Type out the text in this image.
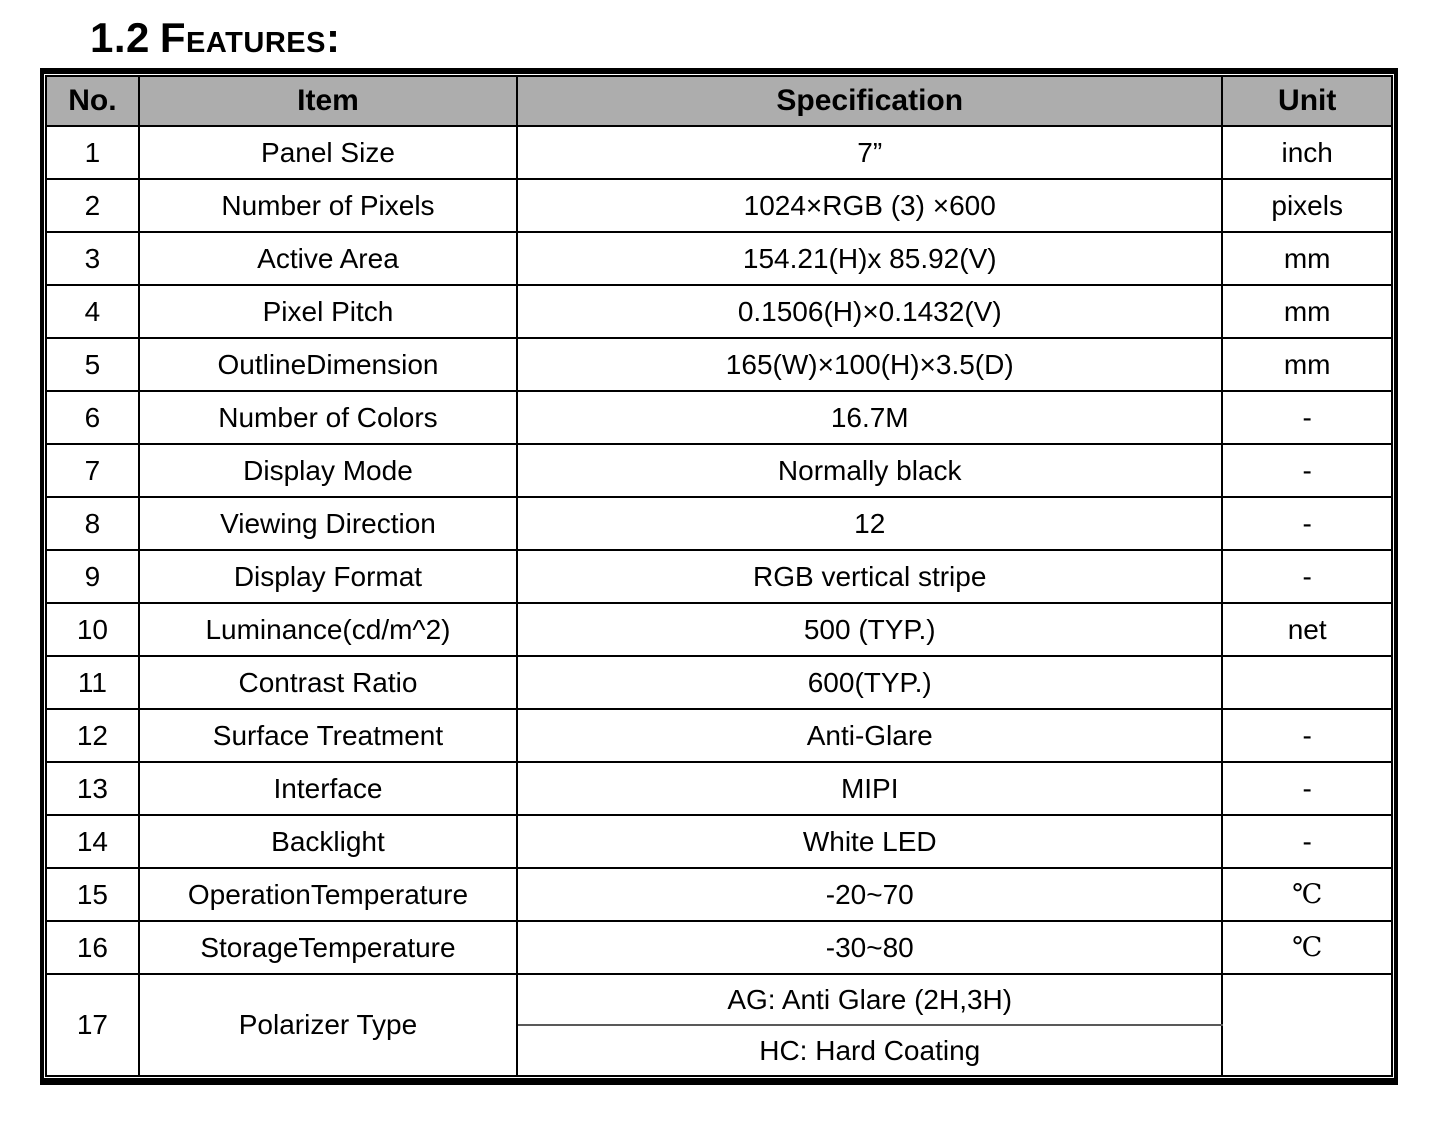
1.2 Features:
No.	Item	Specification	Unit
1	Panel Size	7”	inch
2	Number of Pixels	1024×RGB (3) ×600	pixels
3	Active Area	154.21(H)x 85.92(V)	mm
4	Pixel Pitch	0.1506(H)×0.1432(V)	mm
5	OutlineDimension	165(W)×100(H)×3.5(D)	mm
6	Number of Colors	16.7M	-
7	Display Mode	Normally black	-
8	Viewing Direction	12	-
9	Display Format	RGB vertical stripe	-
10	Luminance(cd/m^2)	500 (TYP.)	net
11	Contrast Ratio	600(TYP.)	
12	Surface Treatment	Anti-Glare	-
13	Interface	MIPI	-
14	Backlight	White LED	-
15	OperationTemperature	-20~70	℃
16	StorageTemperature	-30~80	℃
17	Polarizer Type	AG: Anti Glare (2H,3H)	
		HC: Hard Coating	
